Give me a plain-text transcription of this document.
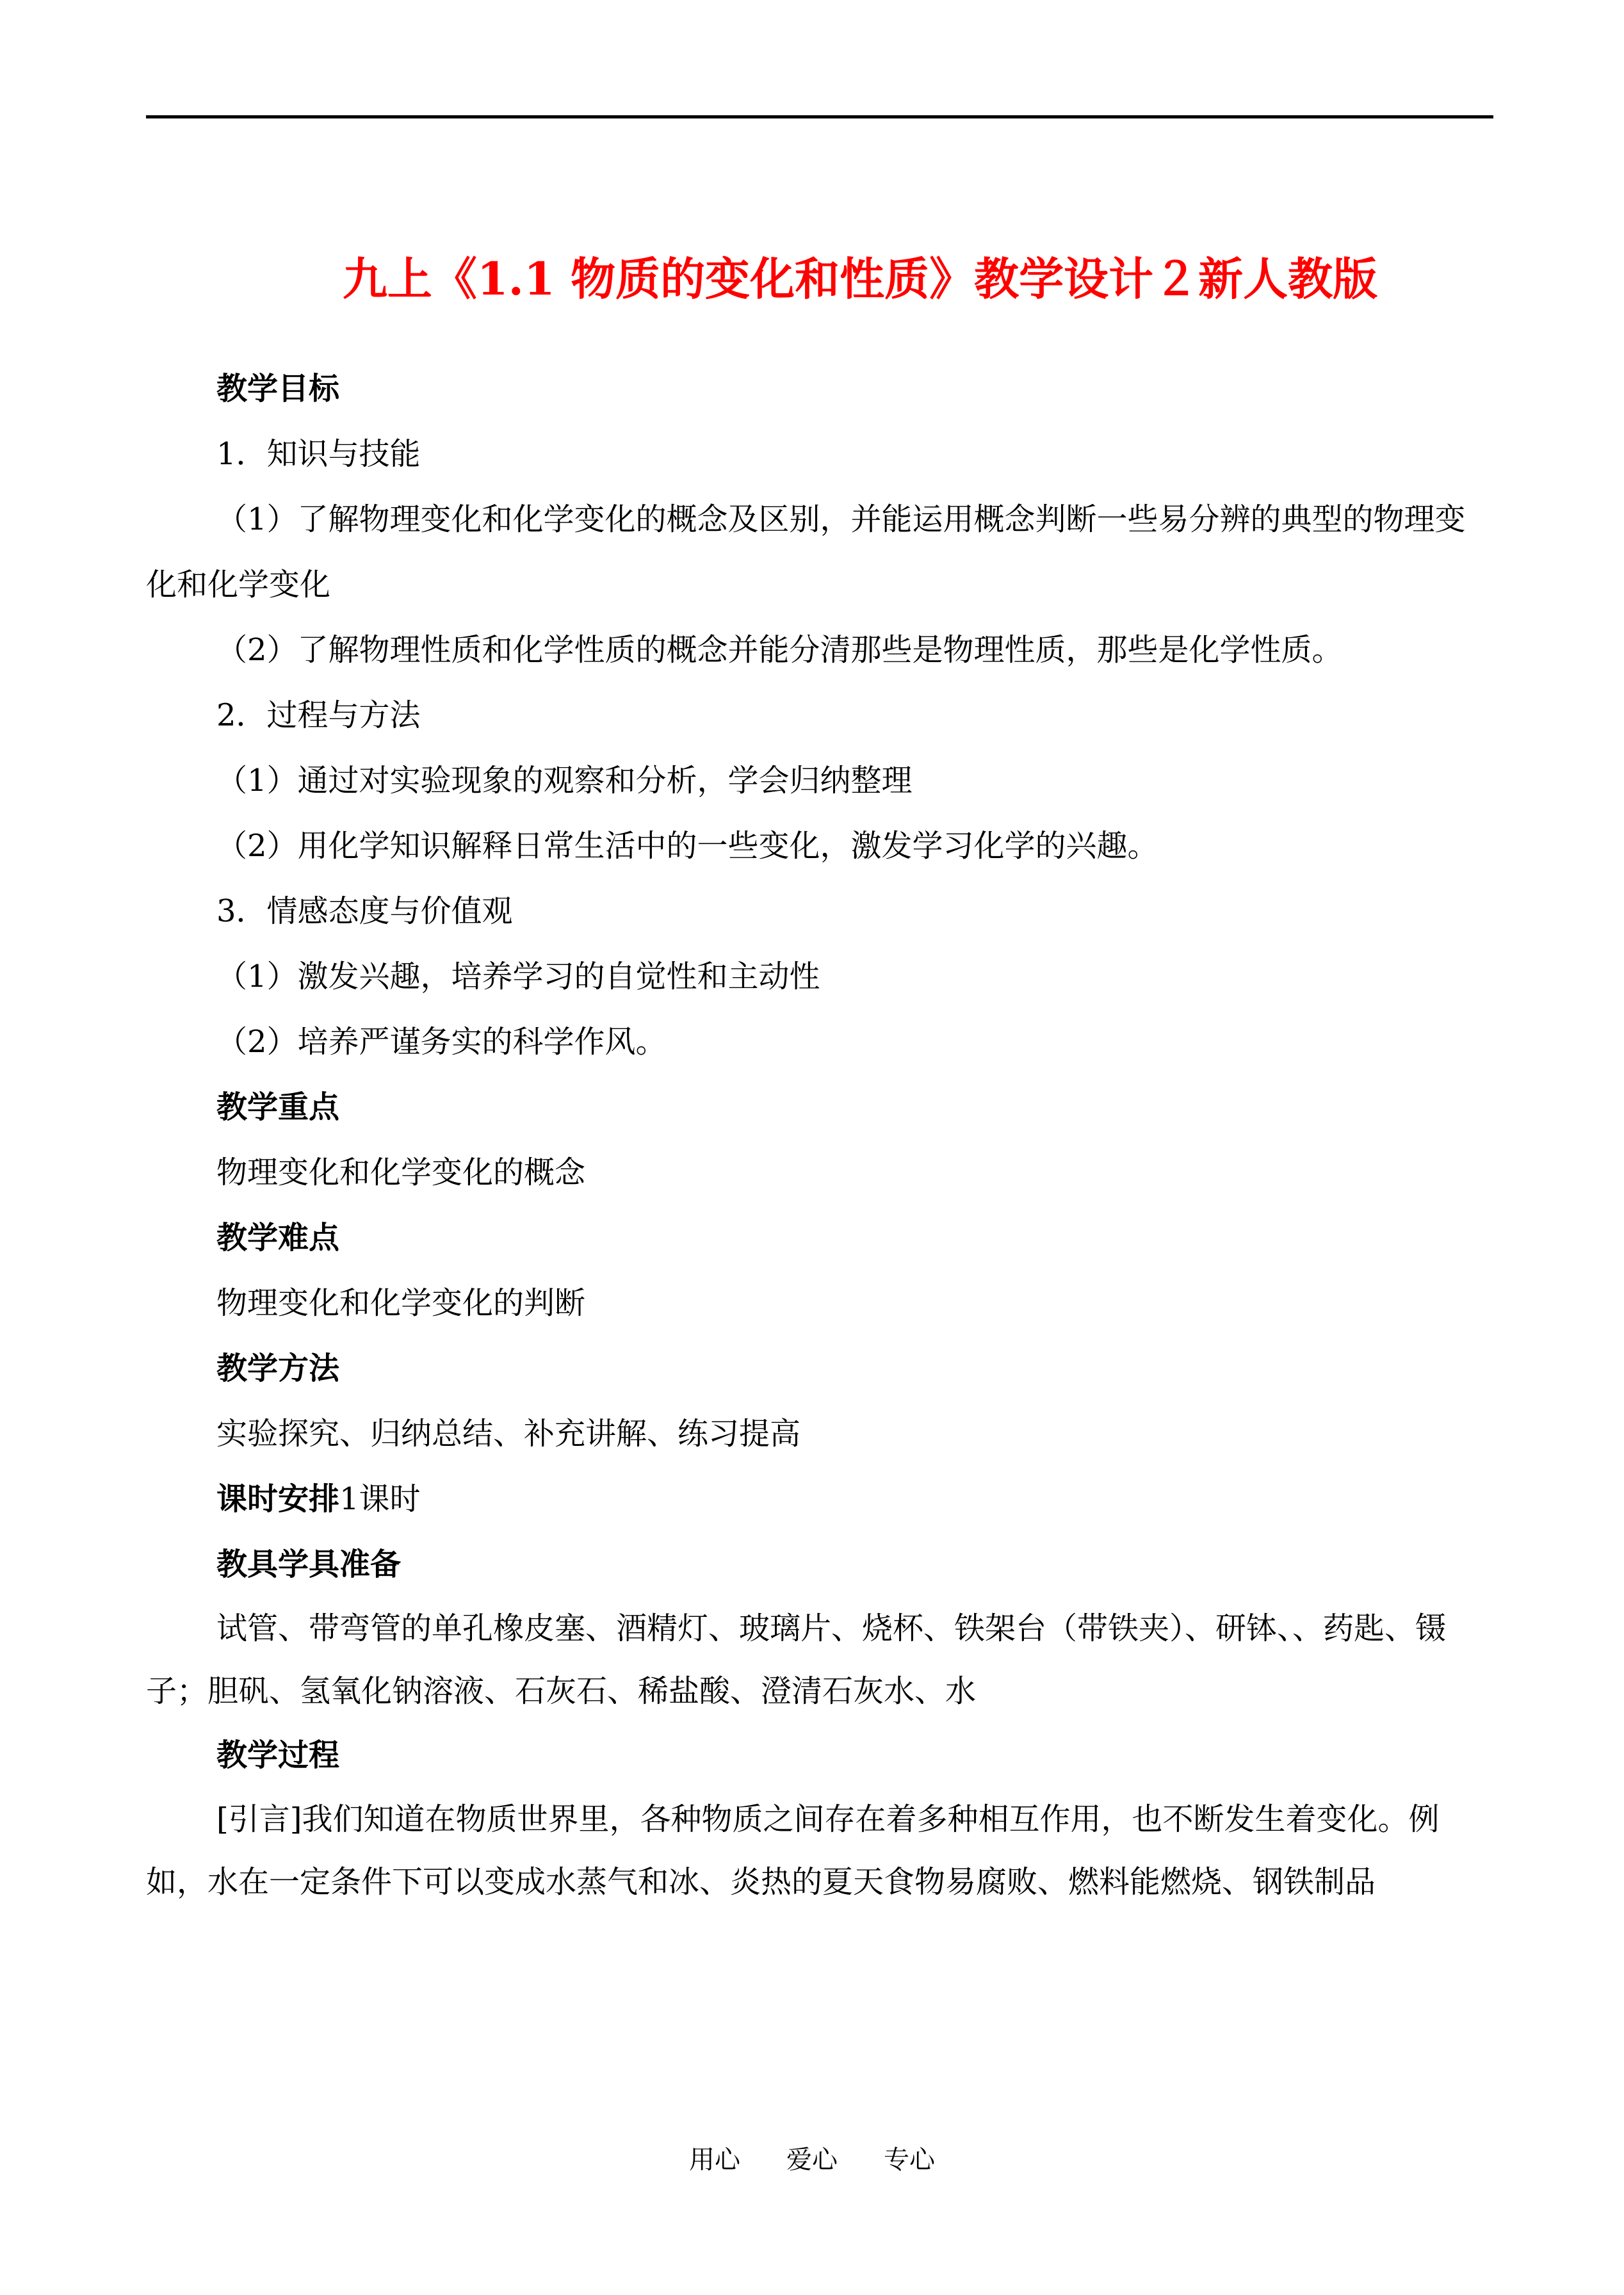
九上《1.1 物质的变化和性质》教学设计２新人教版

教学目标

1．知识与技能

（1）了解物理变化和化学变化的概念及区别，并能运用概念判断一些易分辨的典型的物理变化和化学变化

（2）了解物理性质和化学性质的概念并能分清那些是物理性质，那些是化学性质。

2．过程与方法

（1）通过对实验现象的观察和分析，学会归纳整理

（2）用化学知识解释日常生活中的一些变化，激发学习化学的兴趣。

3．情感态度与价值观

（1）激发兴趣，培养学习的自觉性和主动性

（2）培养严谨务实的科学作风。

教学重点

物理变化和化学变化的概念

教学难点

物理变化和化学变化的判断

教学方法

实验探究、归纳总结、补充讲解、练习提高

课时安排1课时

教具学具准备

试管、带弯管的单孔橡皮塞、酒精灯、玻璃片、烧杯、铁架台（带铁夹）、研钵、、药匙、镊子；胆矾、氢氧化钠溶液、石灰石、稀盐酸、澄清石灰水、水

教学过程

[引言]我们知道在物质世界里，各种物质之间存在着多种相互作用，也不断发生着变化。例如，水在一定条件下可以变成水蒸气和冰、炎热的夏天食物易腐败、燃料能燃烧、钢铁制品

用心 爱心 专心
